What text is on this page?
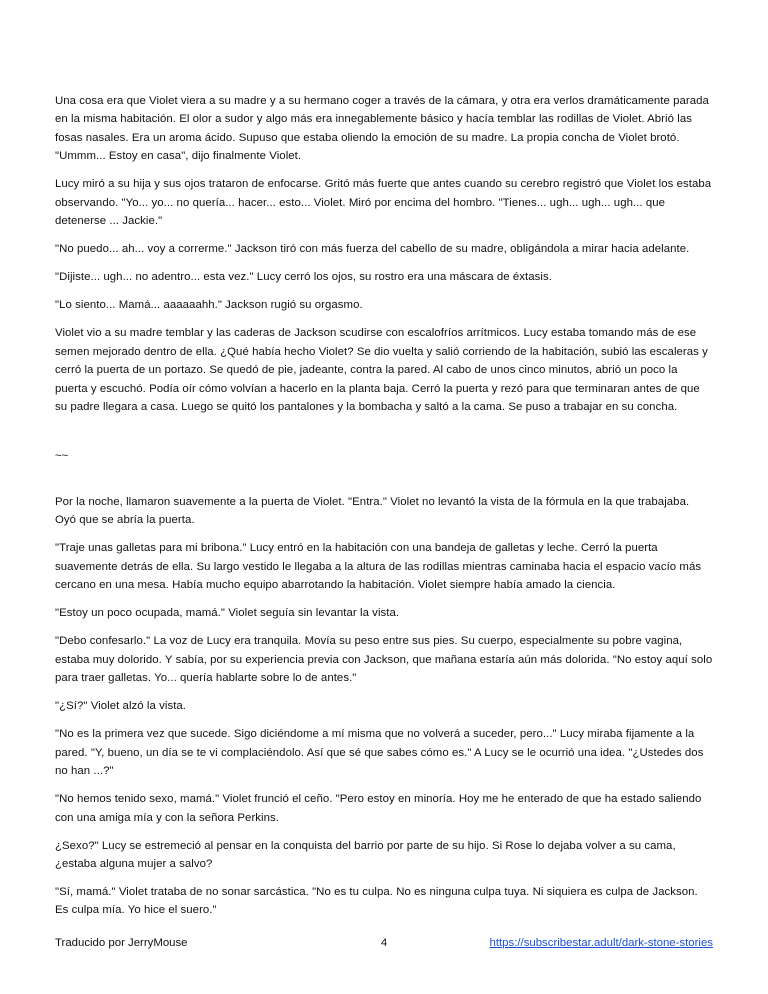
Una cosa era que Violet viera a su madre y a su hermano coger a través de la cámara, y otra era verlos dramáticamente parada en la misma habitación. El olor a sudor y algo más era innegablemente básico y hacía temblar las rodillas de Violet. Abrió las fosas nasales. Era un aroma ácido. Supuso que estaba oliendo la emoción de su madre. La propia concha de Violet brotó. "Ummm... Estoy en casa", dijo finalmente Violet.

Lucy miró a su hija y sus ojos trataron de enfocarse. Gritó más fuerte que antes cuando su cerebro registró que Violet los estaba observando. "Yo... yo... no quería... hacer... esto... Violet. Miró por encima del hombro. "Tienes... ugh... ugh... ugh... que detenerse ... Jackie."

"No puedo... ah... voy a correrme." Jackson tiró con más fuerza del cabello de su madre, obligándola a mirar hacia adelante.

"Dijiste... ugh... no adentro... esta vez." Lucy cerró los ojos, su rostro era una máscara de éxtasis.

"Lo siento... Mamá... aaaaaahh." Jackson rugió su orgasmo.

Violet vio a su madre temblar y las caderas de Jackson scudirse con escalofríos arrítmicos. Lucy estaba tomando más de ese semen mejorado dentro de ella. ¿Qué había hecho Violet? Se dio vuelta y salió corriendo de la habitación, subió las escaleras y cerró la puerta de un portazo. Se quedó de pie, jadeante, contra la pared. Al cabo de unos cinco minutos, abrió un poco la puerta y escuchó. Podía oír cómo volvían a hacerlo en la planta baja. Cerró la puerta y rezó para que terminaran antes de que su padre llegara a casa. Luego se quitó los pantalones y la bombacha y saltó a la cama. Se puso a trabajar en su concha.

~~

Por la noche, llamaron suavemente a la puerta de Violet. "Entra." Violet no levantó la vista de la fórmula en la que trabajaba. Oyó que se abría la puerta.

"Traje unas galletas para mi bribona." Lucy entró en la habitación con una bandeja de galletas y leche. Cerró la puerta suavemente detrás de ella. Su largo vestido le llegaba a la altura de las rodillas mientras caminaba hacia el espacio vacío más cercano en una mesa. Había mucho equipo abarrotando la habitación. Violet siempre había amado la ciencia.

"Estoy un poco ocupada, mamá." Violet seguía sin levantar la vista.

"Debo confesarlo." La voz de Lucy era tranquila. Movía su peso entre sus pies. Su cuerpo, especialmente su pobre vagina, estaba muy dolorido. Y sabía, por su experiencia previa con Jackson, que mañana estaría aún más dolorida. "No estoy aquí solo para traer galletas. Yo... quería hablarte sobre lo de antes."

"¿Sí?" Violet alzó la vista.

"No es la primera vez que sucede. Sigo diciéndome a mí misma que no volverá a suceder, pero..." Lucy miraba fijamente a la pared. "Y, bueno, un día se te vi complaciéndolo. Así que sé que sabes cómo es." A Lucy se le ocurrió una idea. "¿Ustedes dos no han ...?"

"No hemos tenido sexo, mamá." Violet frunció el ceño. "Pero estoy en minoría. Hoy me he enterado de que ha estado saliendo con una amiga mía y con la señora Perkins.

¿Sexo?" Lucy se estremeció al pensar en la conquista del barrio por parte de su hijo. Si Rose lo dejaba volver a su cama, ¿estaba alguna mujer a salvo?

"Sí, mamá." Violet trataba de no sonar sarcástica. "No es tu culpa. No es ninguna culpa tuya. Ni siquiera es culpa de Jackson. Es culpa mía. Yo hice el suero."

Traducido por JerryMouse	4	https://subscribestar.adult/dark-stone-stories
